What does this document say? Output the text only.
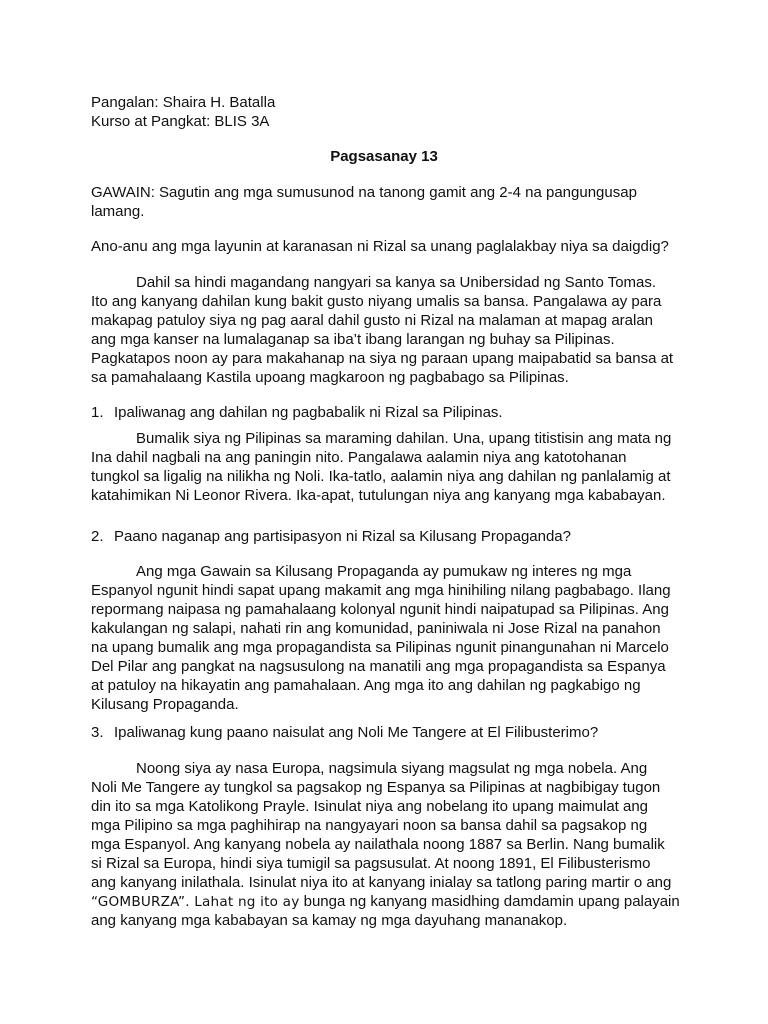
Pangalan: Shaira H. Batalla
Kurso at Pangkat: BLIS 3A
Pagsasanay 13
GAWAIN: Sagutin ang mga sumusunod na tanong gamit ang 2-4 na pangungusap
lamang.
Ano-anu ang mga layunin at karanasan ni Rizal sa unang paglalakbay niya sa daigdig?
Dahil sa hindi magandang nangyari sa kanya sa Unibersidad ng Santo Tomas.
Ito ang kanyang dahilan kung bakit gusto niyang umalis sa bansa. Pangalawa ay para
makapag patuloy siya ng pag aaral dahil gusto ni Rizal na malaman at mapag aralan
ang mga kanser na lumalaganap sa iba’t ibang larangan ng buhay sa Pilipinas.
Pagkatapos noon ay para makahanap na siya ng paraan upang maipabatid sa bansa at
sa pamahalaang Kastila upoang magkaroon ng pagbabago sa Pilipinas.
1. Ipaliwanag ang dahilan ng pagbabalik ni Rizal sa Pilipinas.
Bumalik siya ng Pilipinas sa maraming dahilan. Una, upang titistisin ang mata ng
Ina dahil nagbali na ang paningin nito. Pangalawa aalamin niya ang katotohanan
tungkol sa ligalig na nilikha ng Noli. Ika-tatlo, aalamin niya ang dahilan ng panlalamig at
katahimikan Ni Leonor Rivera. Ika-apat, tutulungan niya ang kanyang mga kababayan.
2. Paano naganap ang partisipasyon ni Rizal sa Kilusang Propaganda?
Ang mga Gawain sa Kilusang Propaganda ay pumukaw ng interes ng mga
Espanyol ngunit hindi sapat upang makamit ang mga hinihiling nilang pagbabago. Ilang
repormang naipasa ng pamahalaang kolonyal ngunit hindi naipatupad sa Pilipinas. Ang
kakulangan ng salapi, nahati rin ang komunidad, paniniwala ni Jose Rizal na panahon
na upang bumalik ang mga propagandista sa Pilipinas ngunit pinangunahan ni Marcelo
Del Pilar ang pangkat na nagsusulong na manatili ang mga propagandista sa Espanya
at patuloy na hikayatin ang pamahalaan. Ang mga ito ang dahilan ng pagkabigo ng
Kilusang Propaganda.
3. Ipaliwanag kung paano naisulat ang Noli Me Tangere at El Filibusterimo?
Noong siya ay nasa Europa, nagsimula siyang magsulat ng mga nobela. Ang
Noli Me Tangere ay tungkol sa pagsakop ng Espanya sa Pilipinas at nagbibigay tugon
din ito sa mga Katolikong Prayle. Isinulat niya ang nobelang ito upang maimulat ang
mga Pilipino sa mga paghihirap na nangyayari noon sa bansa dahil sa pagsakop ng
mga Espanyol. Ang kanyang nobela ay nailathala noong 1887 sa Berlin. Nang bumalik
si Rizal sa Europa, hindi siya tumigil sa pagsusulat. At noong 1891, El Filibusterismo
ang kanyang inilathala. Isinulat niya ito at kanyang inialay sa tatlong paring martir o ang
“GOMBURZA”. Lahat ng ito ay bunga ng kanyang masidhing damdamin upang palayain
ang kanyang mga kababayan sa kamay ng mga dayuhang mananakop.
